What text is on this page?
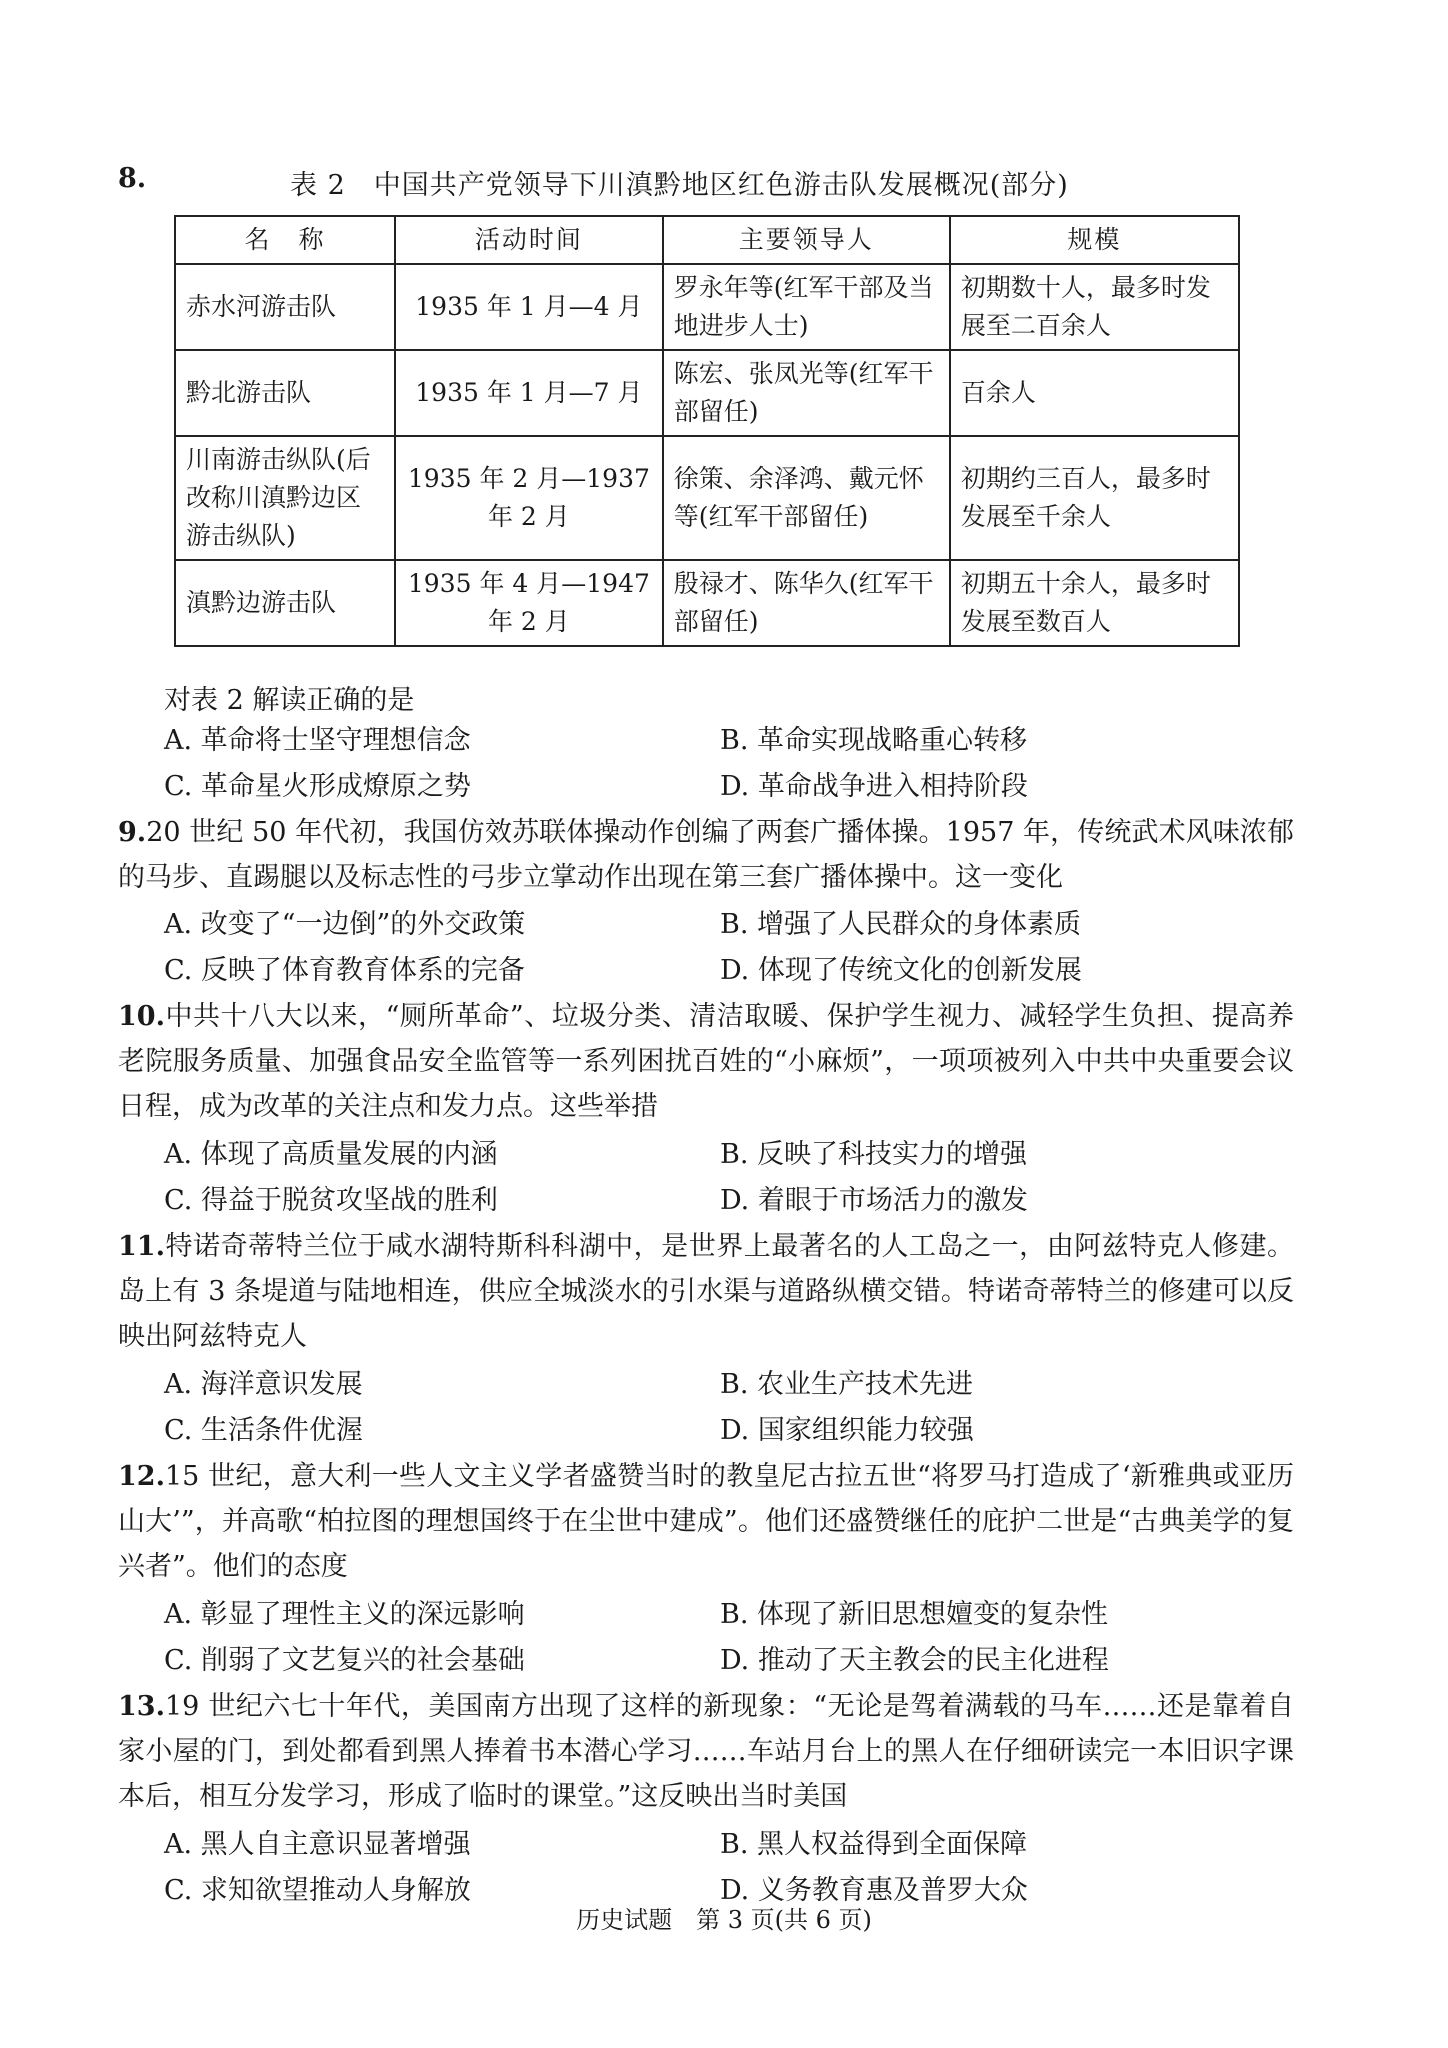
8.	表 2　中国共产党领导下川滇黔地区红色游击队发展概况(部分)
名　称	活动时间	主要领导人	规模
赤水河游击队	1935 年 1 月—4 月	罗永年等(红军干部及当地进步人士)	初期数十人，最多时发展至二百余人
黔北游击队	1935 年 1 月—7 月	陈宏、张凤光等(红军干部留任)	百余人
川南游击纵队(后改称川滇黔边区游击纵队)	1935 年 2 月—1937 年 2 月	徐策、余泽鸿、戴元怀等(红军干部留任)	初期约三百人，最多时发展至千余人
滇黔边游击队	1935 年 4 月—1947 年 2 月	殷禄才、陈华久(红军干部留任)	初期五十余人，最多时发展至数百人
对表 2 解读正确的是
A. 革命将士坚守理想信念	B. 革命实现战略重心转移
C. 革命星火形成燎原之势	D. 革命战争进入相持阶段
9.20 世纪 50 年代初，我国仿效苏联体操动作创编了两套广播体操。1957 年，传统武术风味浓郁的马步、直踢腿以及标志性的弓步立掌动作出现在第三套广播体操中。这一变化
A. 改变了“一边倒”的外交政策	B. 增强了人民群众的身体素质
C. 反映了体育教育体系的完备	D. 体现了传统文化的创新发展
10.中共十八大以来，“厕所革命”、垃圾分类、清洁取暖、保护学生视力、减轻学生负担、提高养老院服务质量、加强食品安全监管等一系列困扰百姓的“小麻烦”，一项项被列入中共中央重要会议日程，成为改革的关注点和发力点。这些举措
A. 体现了高质量发展的内涵	B. 反映了科技实力的增强
C. 得益于脱贫攻坚战的胜利	D. 着眼于市场活力的激发
11.特诺奇蒂特兰位于咸水湖特斯科科湖中，是世界上最著名的人工岛之一，由阿兹特克人修建。岛上有 3 条堤道与陆地相连，供应全城淡水的引水渠与道路纵横交错。特诺奇蒂特兰的修建可以反映出阿兹特克人
A. 海洋意识发展	B. 农业生产技术先进
C. 生活条件优渥	D. 国家组织能力较强
12.15 世纪，意大利一些人文主义学者盛赞当时的教皇尼古拉五世“将罗马打造成了‘新雅典或亚历山大’”，并高歌“柏拉图的理想国终于在尘世中建成”。他们还盛赞继任的庇护二世是“古典美学的复兴者”。他们的态度
A. 彰显了理性主义的深远影响	B. 体现了新旧思想嬗变的复杂性
C. 削弱了文艺复兴的社会基础	D. 推动了天主教会的民主化进程
13.19 世纪六七十年代，美国南方出现了这样的新现象：“无论是驾着满载的马车……还是靠着自家小屋的门，到处都看到黑人捧着书本潜心学习……车站月台上的黑人在仔细研读完一本旧识字课本后，相互分发学习，形成了临时的课堂。”这反映出当时美国
A. 黑人自主意识显著增强	B. 黑人权益得到全面保障
C. 求知欲望推动人身解放	D. 义务教育惠及普罗大众
历史试题　第 3 页(共 6 页)
